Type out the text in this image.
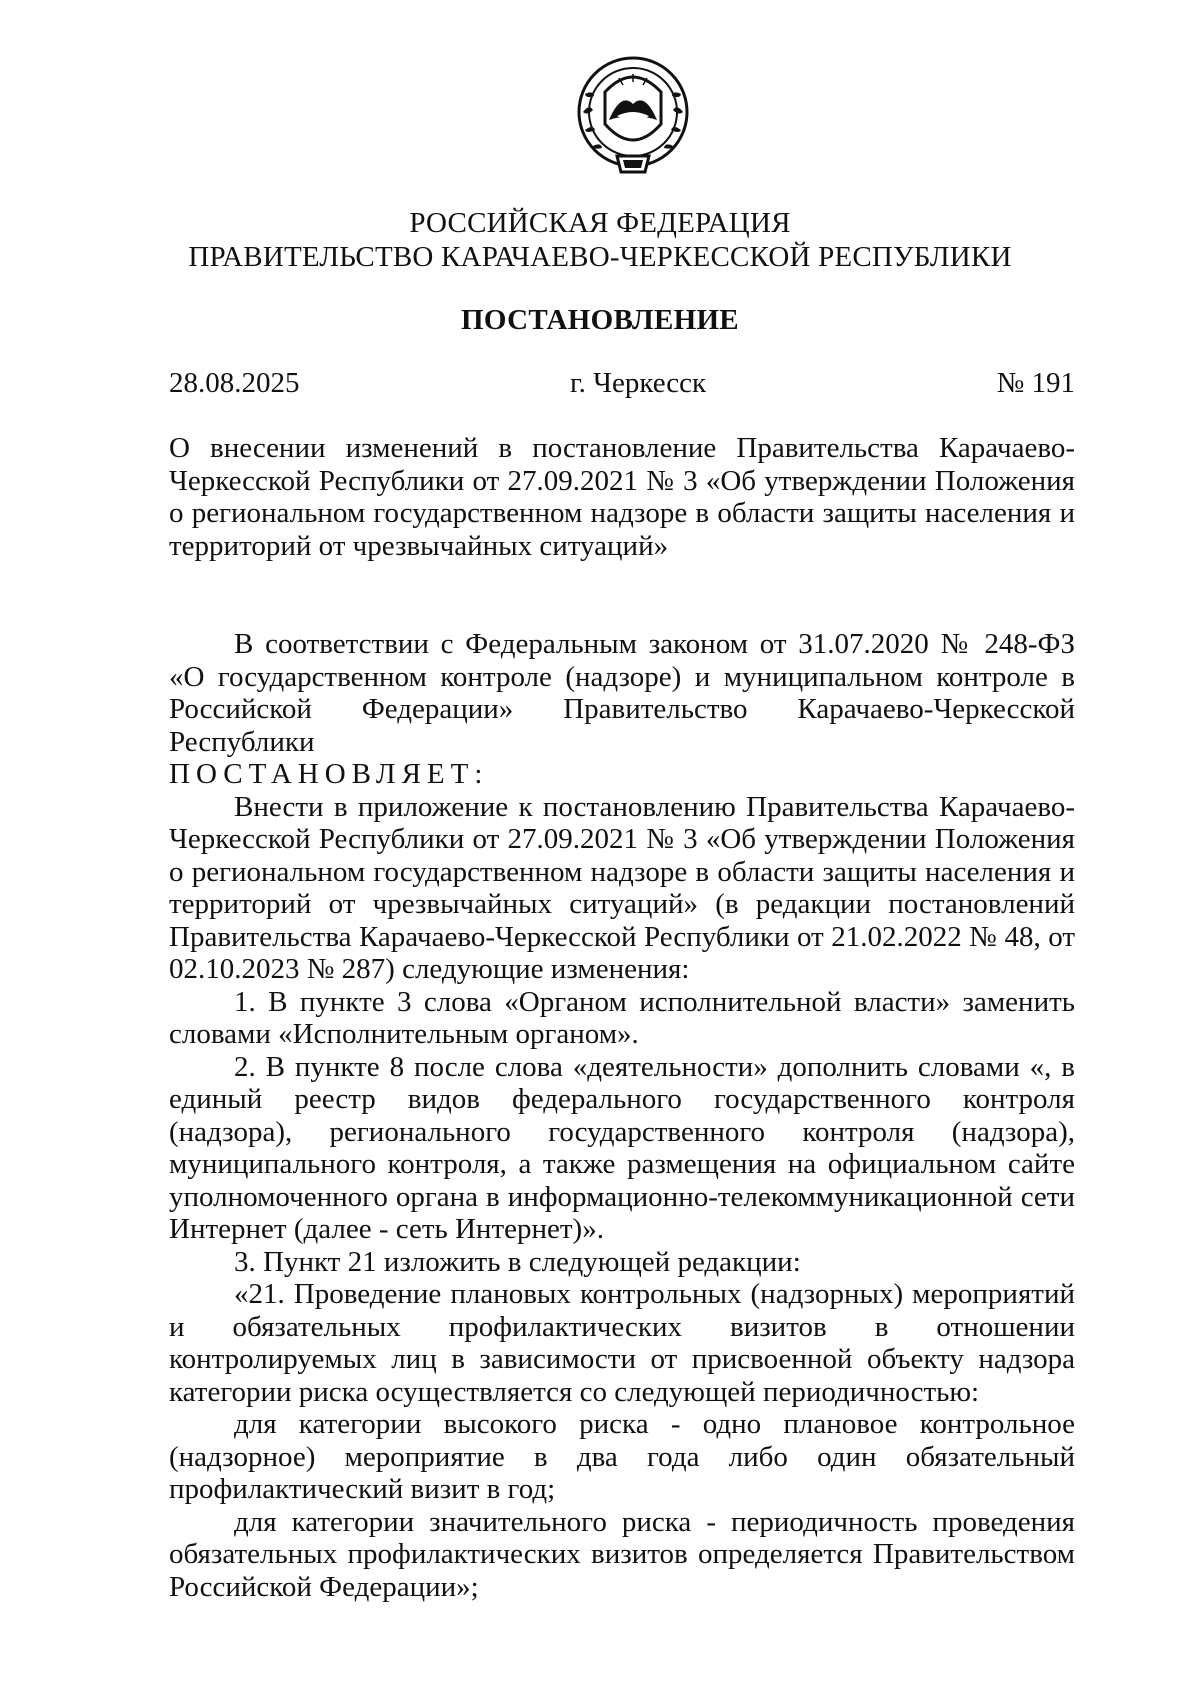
РОССИЙСКАЯ ФЕДЕРАЦИЯ
ПРАВИТЕЛЬСТВО КАРАЧАЕВО-ЧЕРКЕССКОЙ РЕСПУБЛИКИ
ПОСТАНОВЛЕНИЕ
28.08.2025	г. Черкесск	№ 191

О внесении изменений в постановление Правительства Карачаево-Черкесской Республики от 27.09.2021 № 3 «Об утверждении Положения о региональном государственном надзоре в области защиты населения и территорий от чрезвычайных ситуаций»

В соответствии с Федеральным законом от 31.07.2020 № 248-ФЗ «О государственном контроле (надзоре) и муниципальном контроле в Российской Федерации» Правительство Карачаево-Черкесской Республики

ПОСТАНОВЛЯЕТ:

Внести в приложение к постановлению Правительства Карачаево-Черкесской Республики от 27.09.2021 № 3 «Об утверждении Положения о региональном государственном надзоре в области защиты населения и территорий от чрезвычайных ситуаций» (в редакции постановлений Правительства Карачаево-Черкесской Республики от 21.02.2022 № 48, от 02.10.2023 № 287) следующие изменения:

1. В пункте 3 слова «Органом исполнительной власти» заменить словами «Исполнительным органом».

2. В пункте 8 после слова «деятельности» дополнить словами «, в единый реестр видов федерального государственного контроля (надзора), регионального государственного контроля (надзора), муниципального контроля, а также размещения на официальном сайте уполномоченного органа в информационно-телекоммуникационной сети Интернет (далее - сеть Интернет)».

3. Пункт 21 изложить в следующей редакции:

«21. Проведение плановых контрольных (надзорных) мероприятий и обязательных профилактических визитов в отношении контролируемых лиц в зависимости от присвоенной объекту надзора категории риска осуществляется со следующей периодичностью:

для категории высокого риска - одно плановое контрольное (надзорное) мероприятие в два года либо один обязательный профилактический визит в год;

для категории значительного риска - периодичность проведения обязательных профилактических визитов определяется Правительством Российской Федерации»;
